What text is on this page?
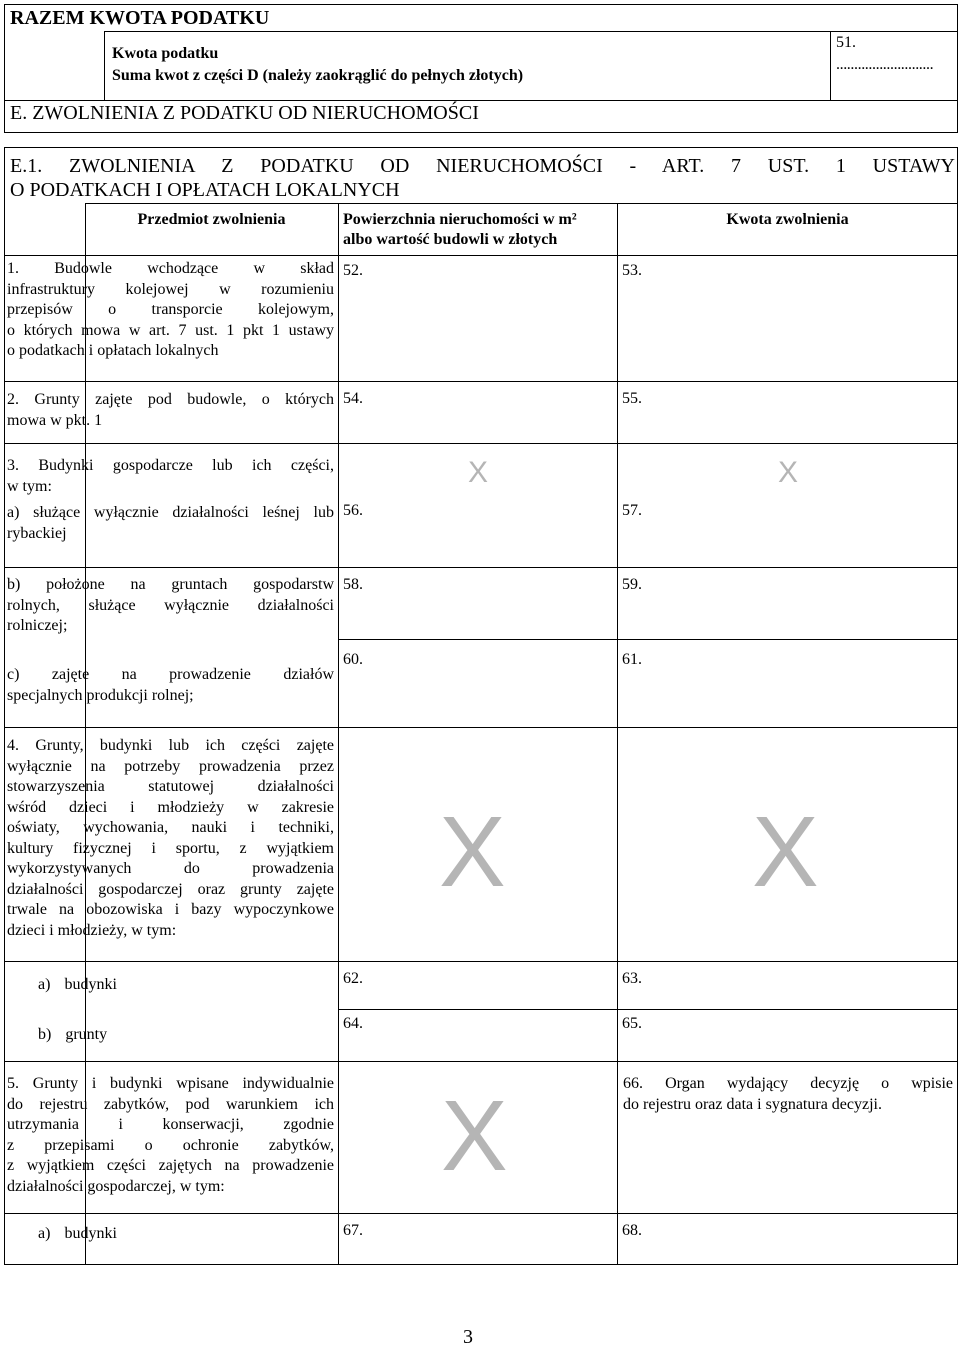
RAZEM KWOTA PODATKU
Kwota podatku
Suma kwot z części D (należy zaokrąglić do pełnych złotych)
51.
...........................
E. ZWOLNIENIA Z PODATKU OD NIERUCHOMOŚCI
E.1. ZWOLNIENIA Z PODATKU OD NIERUCHOMOŚCI - ART. 7 UST. 1 USTAWY
O PODATKACH I OPŁATACH LOKALNYCH
Przedmiot zwolnienia	Powierzchnia nieruchomości w m²
albo wartość budowli w złotych
Kwota zwolnienia
1. Budowle wchodzące w skład
infrastruktury kolejowej w rozumieniu
przepisów o transporcie kolejowym,
o których mowa w art. 7 ust. 1 pkt 1 ustawy
o podatkach i opłatach lokalnych
52.	53.
2. Grunty zajęte pod budowle, o których
mowa w pkt. 1
54.	55.
3. Budynki gospodarcze lub ich części,
w tym:	X	X
a) służące wyłącznie działalności leśnej lub
rybackiej
56.	57.
b) położone na gruntach gospodarstw
rolnych, służące wyłącznie działalności
rolniczej;
58.	59.
c) zajęte na prowadzenie działów
specjalnych produkcji rolnej;
60.	61.
4. Grunty, budynki lub ich części zajęte
wyłącznie na potrzeby prowadzenia przez
stowarzyszenia statutowej działalności
wśród dzieci i młodzieży w zakresie
oświaty, wychowania, nauki i techniki,
kultury fizycznej i sportu, z wyjątkiem
wykorzystywanych do prowadzenia
działalności gospodarczej oraz grunty zajęte
trwale na obozowiska i bazy wypoczynkowe
dzieci i młodzieży, w tym:
X X
a) budynki	62.	63.
b) grunty
64.	65.
5. Grunty i budynki wpisane indywidualnie
do rejestru zabytków, pod warunkiem ich
utrzymania i konserwacji, zgodnie
z przepisami o ochronie zabytków,
z wyjątkiem części zajętych na prowadzenie
działalności gospodarczej, w tym:	X	66. Organ wydający decyzję o wpisie
do rejestru oraz data i sygnatura decyzji.
a) budynki	67.	68.
3
